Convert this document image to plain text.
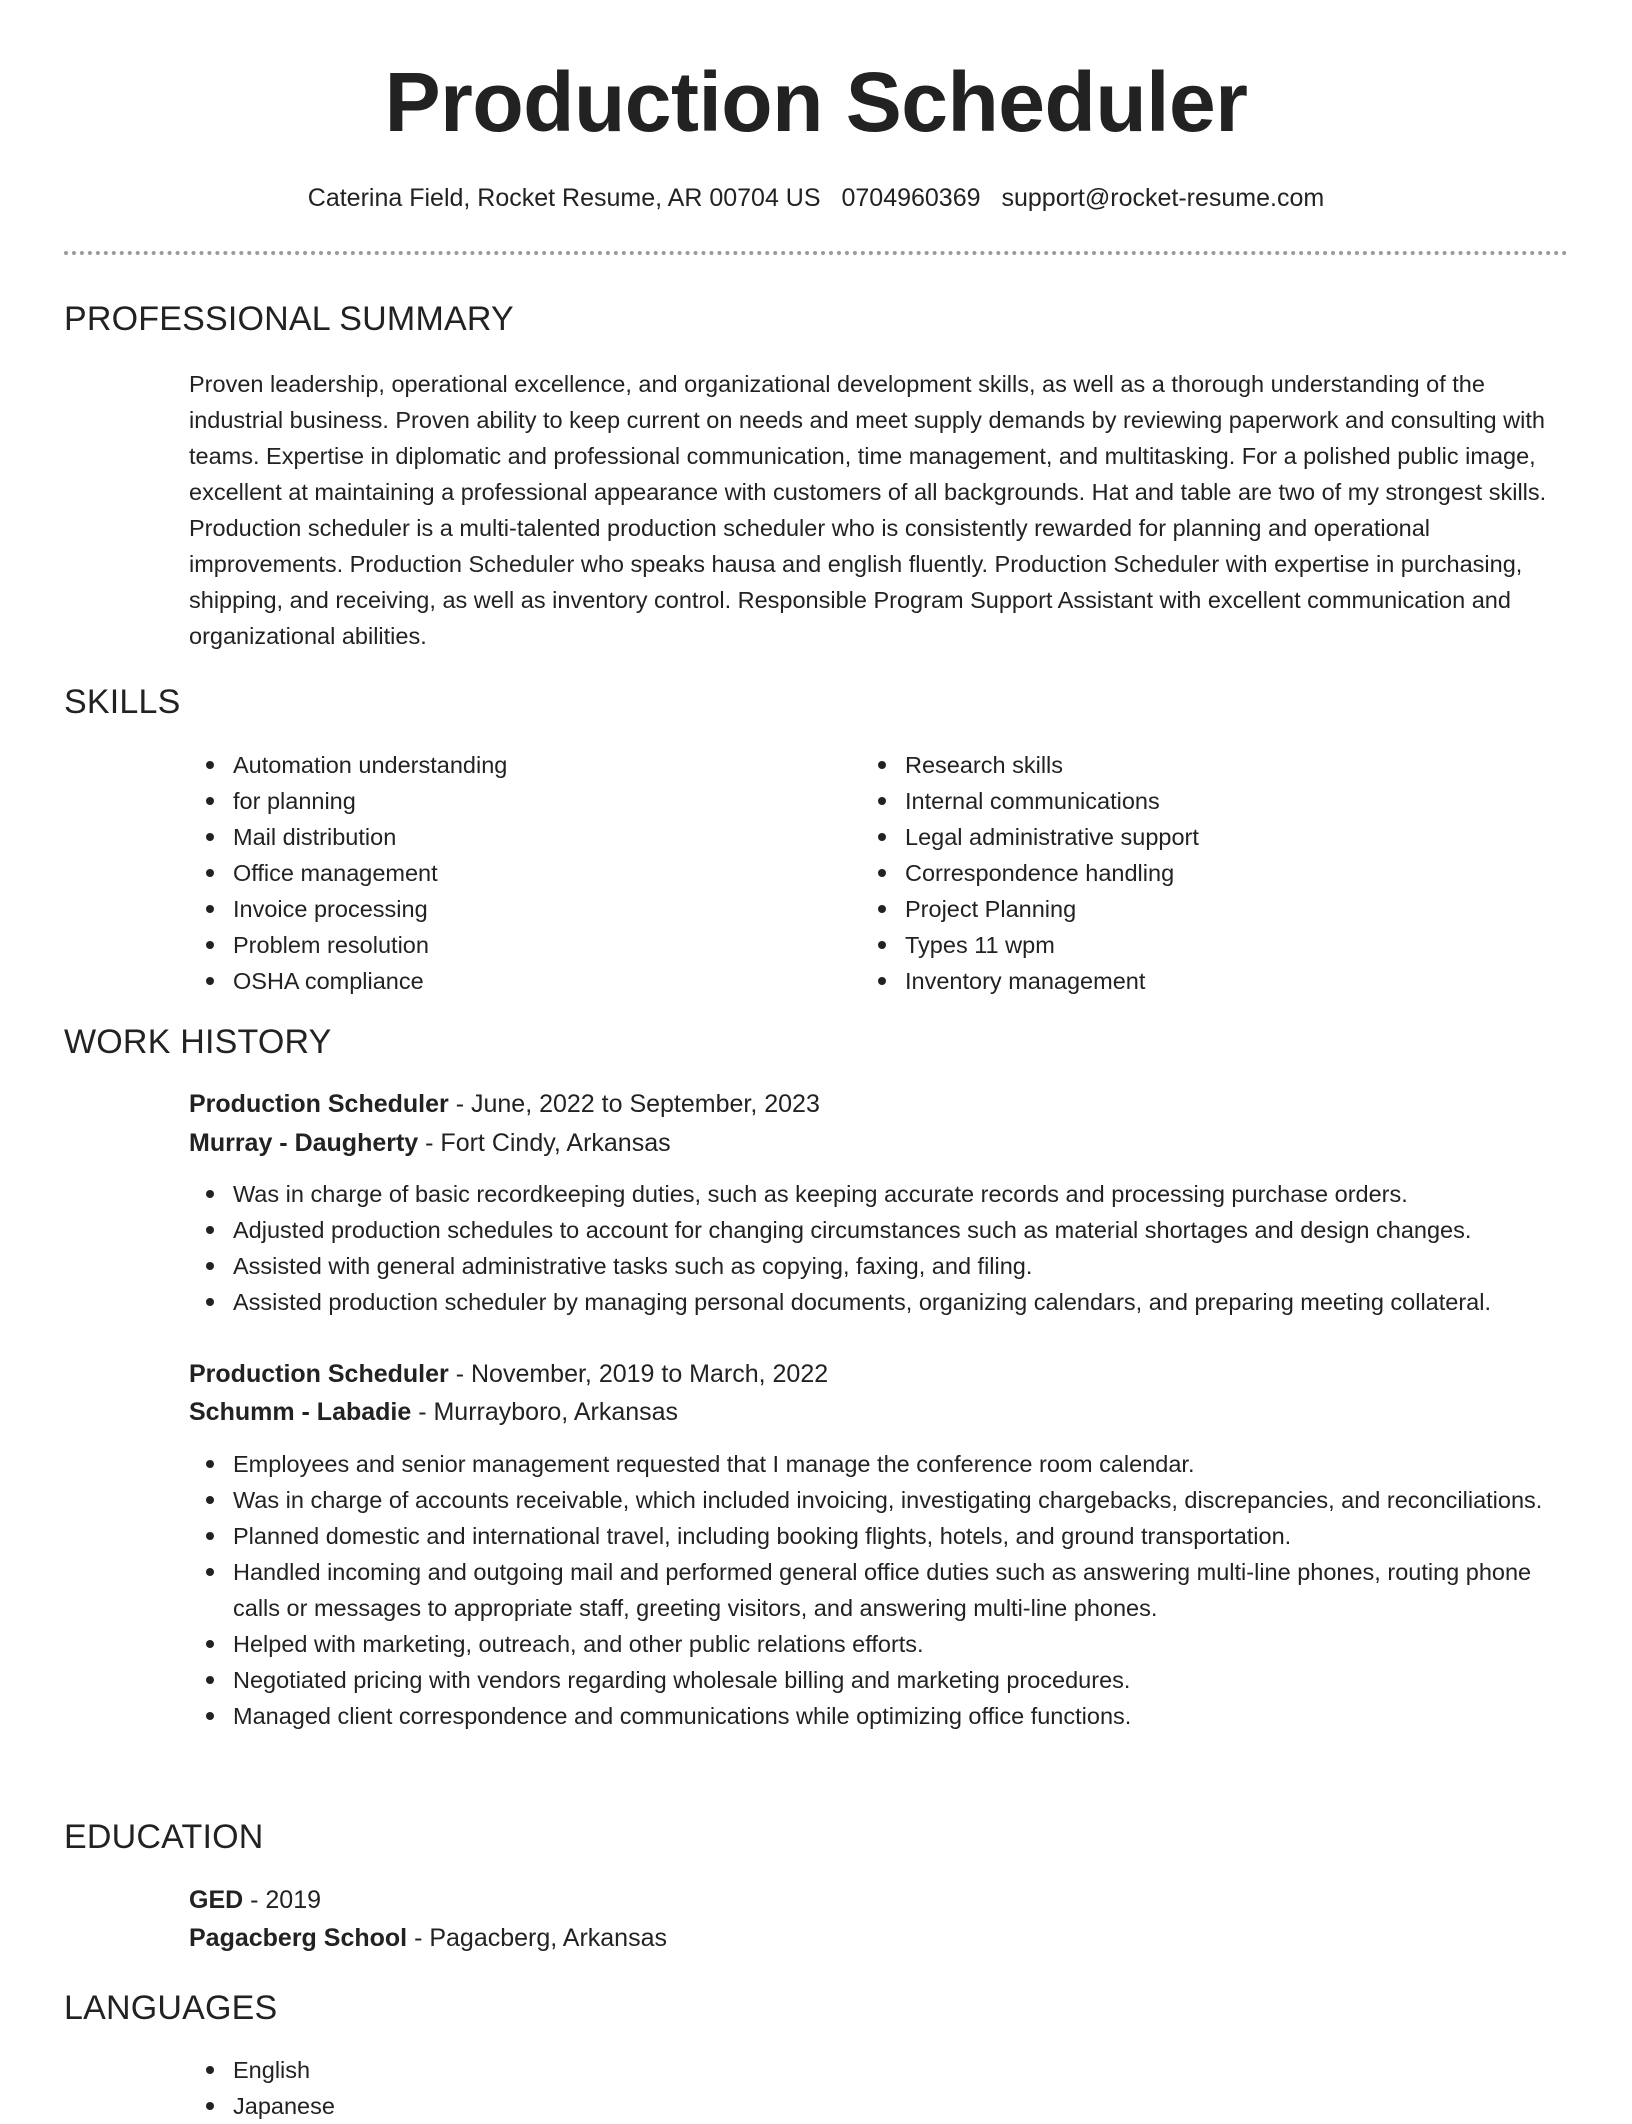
Production Scheduler
Caterina Field, Rocket Resume, AR 00704 US 0704960369 support@rocket-resume.com
PROFESSIONAL SUMMARY

Proven leadership, operational excellence, and organizational development skills, as well as a thorough understanding of the industrial business. Proven ability to keep current on needs and meet supply demands by reviewing paperwork and consulting with teams. Expertise in diplomatic and professional communication, time management, and multitasking. For a polished public image, excellent at maintaining a professional appearance with customers of all backgrounds. Hat and table are two of my strongest skills. Production scheduler is a multi-talented production scheduler who is consistently rewarded for planning and operational improvements. Production Scheduler who speaks hausa and english fluently. Production Scheduler with expertise in purchasing, shipping, and receiving, as well as inventory control. Responsible Program Support Assistant with excellent communication and organizational abilities.

SKILLS
Automation understanding
for planning
Mail distribution
Office management
Invoice processing
Problem resolution
OSHA compliance
Research skills
Internal communications
Legal administrative support
Correspondence handling
Project Planning
Types 11 wpm
Inventory management
WORK HISTORY
Production Scheduler - June, 2022 to September, 2023
Murray - Daugherty - Fort Cindy, Arkansas
Was in charge of basic recordkeeping duties, such as keeping accurate records and processing purchase orders.
Adjusted production schedules to account for changing circumstances such as material shortages and design changes.
Assisted with general administrative tasks such as copying, faxing, and filing.
Assisted production scheduler by managing personal documents, organizing calendars, and preparing meeting collateral.
Production Scheduler - November, 2019 to March, 2022
Schumm - Labadie - Murrayboro, Arkansas
Employees and senior management requested that I manage the conference room calendar.
Was in charge of accounts receivable, which included invoicing, investigating chargebacks, discrepancies, and reconciliations.
Planned domestic and international travel, including booking flights, hotels, and ground transportation.
Handled incoming and outgoing mail and performed general office duties such as answering multi-line phones, routing phone calls or messages to appropriate staff, greeting visitors, and answering multi-line phones.
Helped with marketing, outreach, and other public relations efforts.
Negotiated pricing with vendors regarding wholesale billing and marketing procedures.
Managed client correspondence and communications while optimizing office functions.
EDUCATION
GED - 2019
Pagacberg School - Pagacberg, Arkansas
LANGUAGES
English
Japanese
